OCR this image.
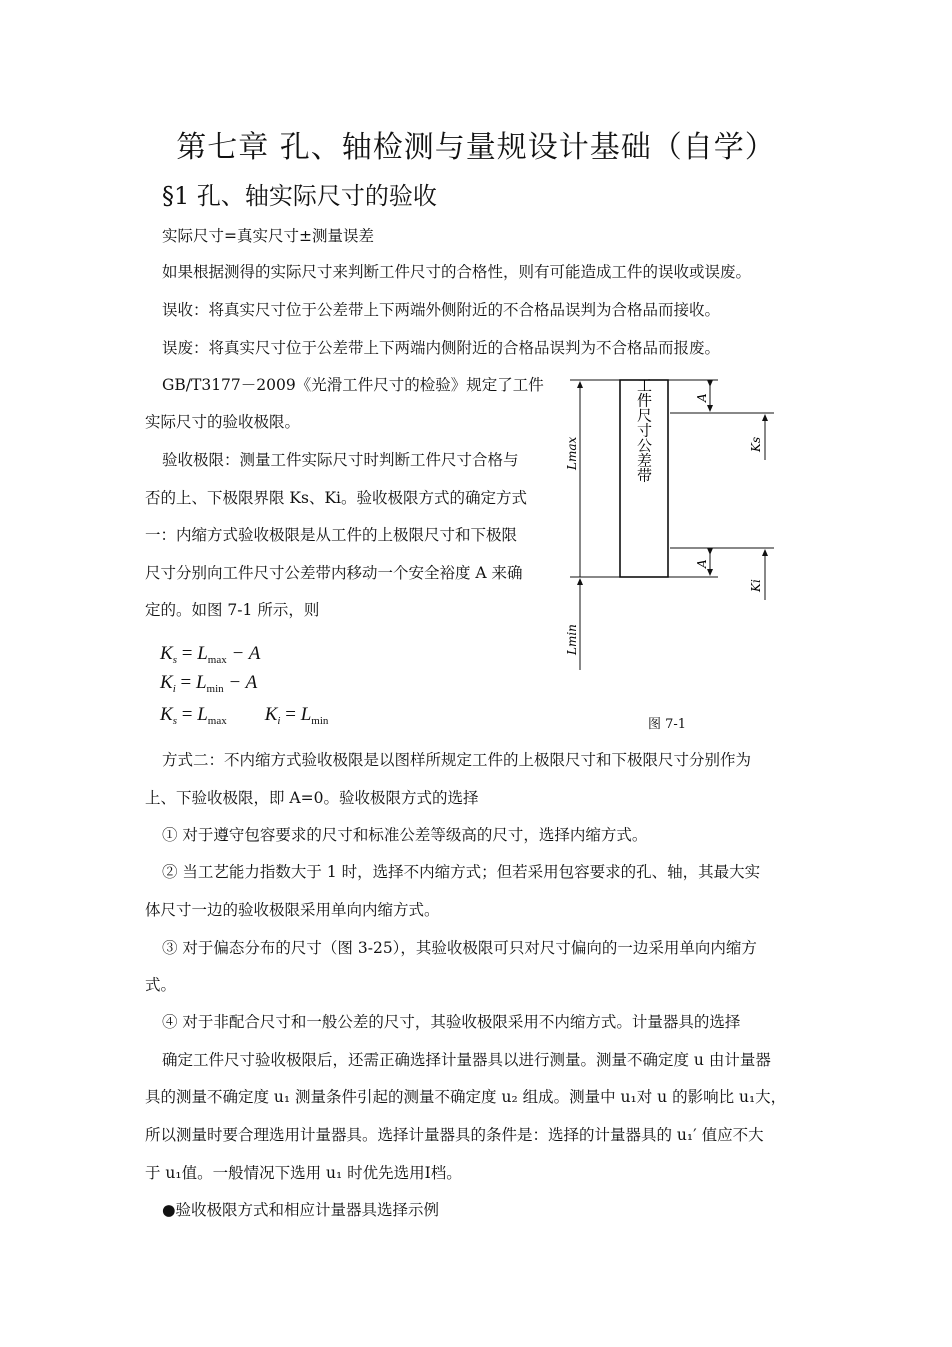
第七章 孔、轴检测与量规设计基础（自学）
§1 孔、轴实际尺寸的验收
实际尺寸=真实尺寸±测量误差
如果根据测得的实际尺寸来判断工件尺寸的合格性，则有可能造成工件的误收或误废。
误收：将真实尺寸位于公差带上下两端外侧附近的不合格品误判为合格品而接收。
误废：将真实尺寸位于公差带上下两端内侧附近的合格品误判为不合格品而报废。
GB/T3177－2009《光滑工件尺寸的检验》规定了工件
实际尺寸的验收极限。
验收极限：测量工件实际尺寸时判断工件尺寸合格与
否的上、下极限界限 Ks、Ki。验收极限方式的确定方式
一：内缩方式验收极限是从工件的上极限尺寸和下极限
尺寸分别向工件尺寸公差带内移动一个安全裕度 A 来确
定的。如图 7-1 所示，则
$K_s = L_{max} - A$
$K_i = L_{min} - A$
$K_s = L_{max}$ $K_i = L_{min}$
工件尺寸公差带
Lmax
Lmin
A
A
Ks
Ki
图 7-1
方式二：不内缩方式验收极限是以图样所规定工件的上极限尺寸和下极限尺寸分别作为
上、下验收极限，即 A=0。验收极限方式的选择
① 对于遵守包容要求的尺寸和标准公差等级高的尺寸，选择内缩方式。
② 当工艺能力指数大于 1 时，选择不内缩方式；但若采用包容要求的孔、轴，其最大实
体尺寸一边的验收极限采用单向内缩方式。
③ 对于偏态分布的尺寸（图 3-25），其验收极限可只对尺寸偏向的一边采用单向内缩方
式。
④ 对于非配合尺寸和一般公差的尺寸，其验收极限采用不内缩方式。计量器具的选择
确定工件尺寸验收极限后，还需正确选择计量器具以进行测量。测量不确定度 u 由计量器
具的测量不确定度 u₁ 测量条件引起的测量不确定度 u₂ 组成。测量中 u₁对 u 的影响比 u₁大，
所以测量时要合理选用计量器具。选择计量器具的条件是：选择的计量器具的 u₁′ 值应不大
于 u₁值。一般情况下选用 u₁ 时优先选用Ⅰ档。
●验收极限方式和相应计量器具选择示例
